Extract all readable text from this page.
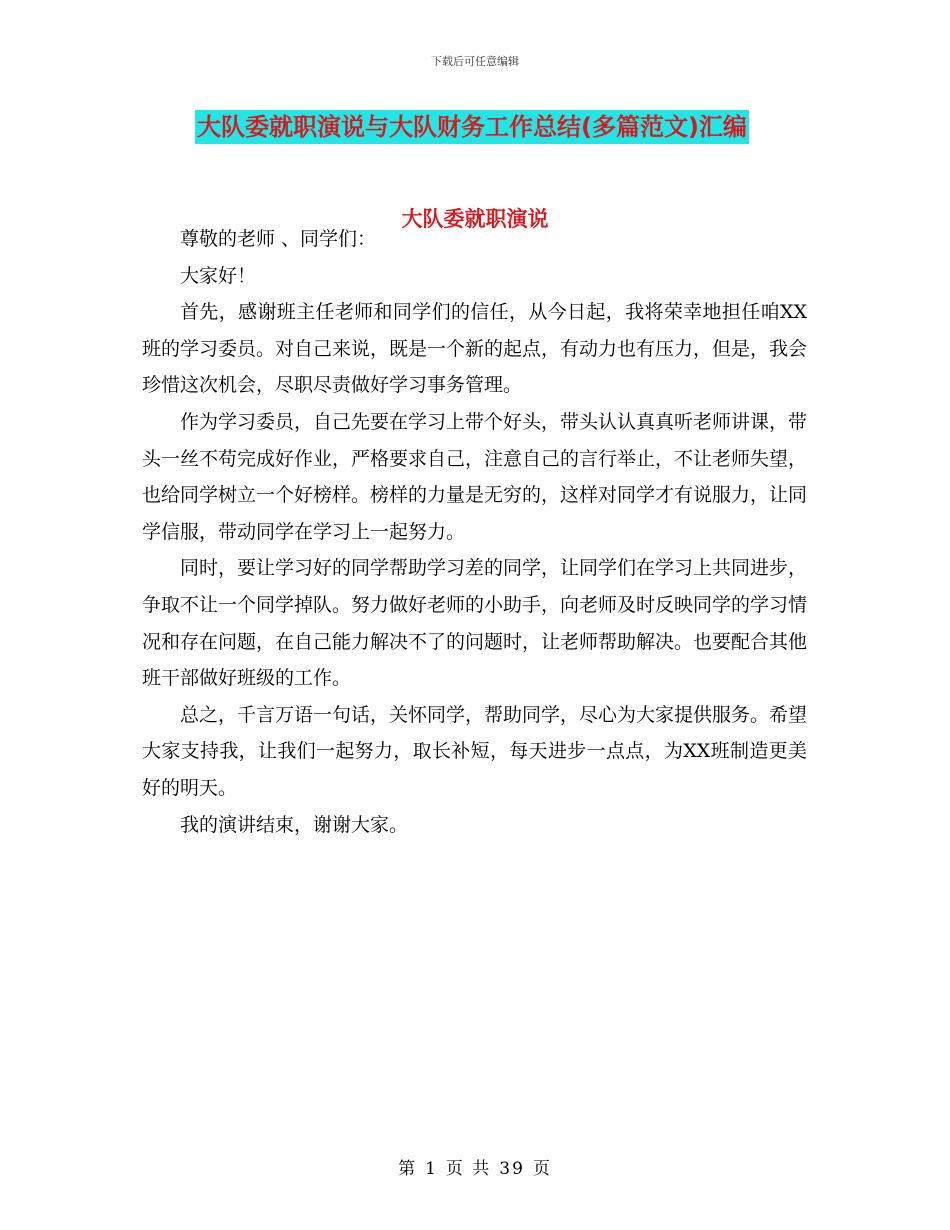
下载后可任意编辑
大队委就职演说与大队财务工作总结(多篇范文)汇编
大队委就职演说

尊敬的老师 、同学们：

大家好！

首先，感谢班主任老师和同学们的信任，从今日起，我将荣幸地担任咱XX班的学习委员。对自己来说，既是一个新的起点，有动力也有压力，但是，我会珍惜这次机会，尽职尽责做好学习事务管理。

作为学习委员，自己先要在学习上带个好头，带头认认真真听老师讲课，带头一丝不苟完成好作业，严格要求自己，注意自己的言行举止，不让老师失望，也给同学树立一个好榜样。榜样的力量是无穷的，这样对同学才有说服力，让同学信服，带动同学在学习上一起努力。

同时，要让学习好的同学帮助学习差的同学，让同学们在学习上共同进步，争取不让一个同学掉队。努力做好老师的小助手，向老师及时反映同学的学习情况和存在问题，在自己能力解决不了的问题时，让老师帮助解决。也要配合其他班干部做好班级的工作。

总之，千言万语一句话，关怀同学，帮助同学，尽心为大家提供服务。希望大家支持我，让我们一起努力，取长补短，每天进步一点点，为XX班制造更美好的明天。

我的演讲结束，谢谢大家。

第 1 页 共 39 页
